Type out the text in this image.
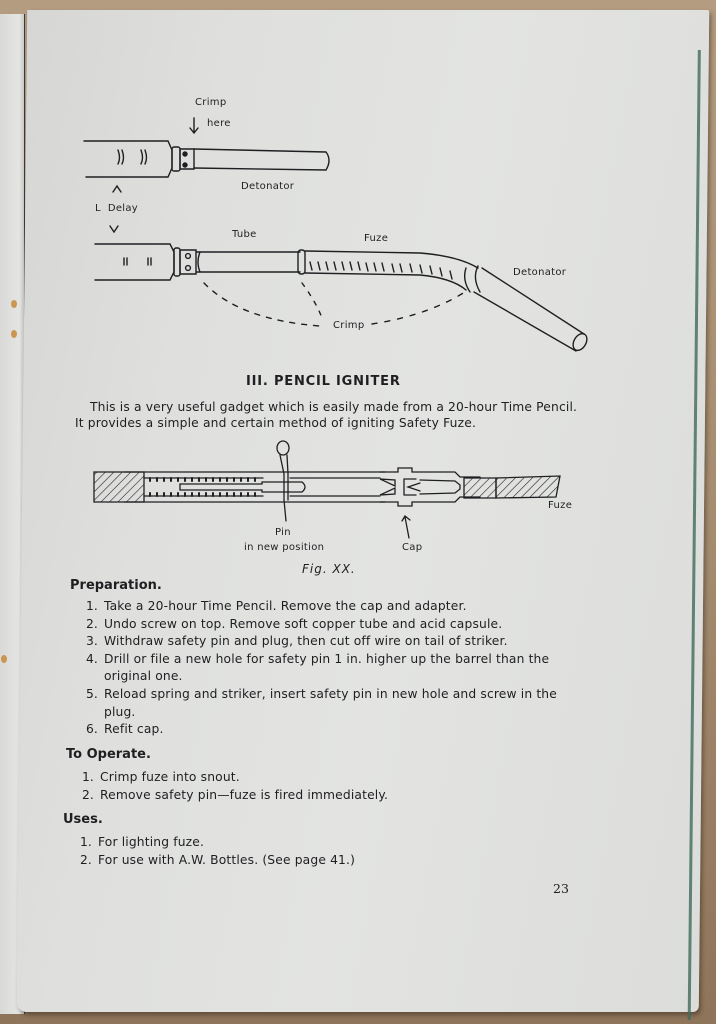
Crimp
here
Detonator
L  Delay
Tube	Fuze
Detonator
Crimp
III. PENCIL IGNITER
This is a very useful gadget which is easily made from a 20-hour Time Pencil.
It provides a simple and certain method of igniting Safety Fuze.
Pin
in new position	Cap
Fuze
Fig. XX.
Preparation.
1. Take a 20-hour Time Pencil. Remove the cap and adapter.
2. Undo screw on top. Remove soft copper tube and acid capsule.
3. Withdraw safety pin and plug, then cut off wire on tail of striker.
4. Drill or file a new hole for safety pin 1 in. higher up the barrel than the
original one.
5. Reload spring and striker, insert safety pin in new hole and screw in the
plug.
6. Refit cap.
To Operate.
1. Crimp fuze into snout.
2. Remove safety pin—fuze is fired immediately.
Uses.
1. For lighting fuze.
2. For use with A.W. Bottles. (See page 41.)
23
